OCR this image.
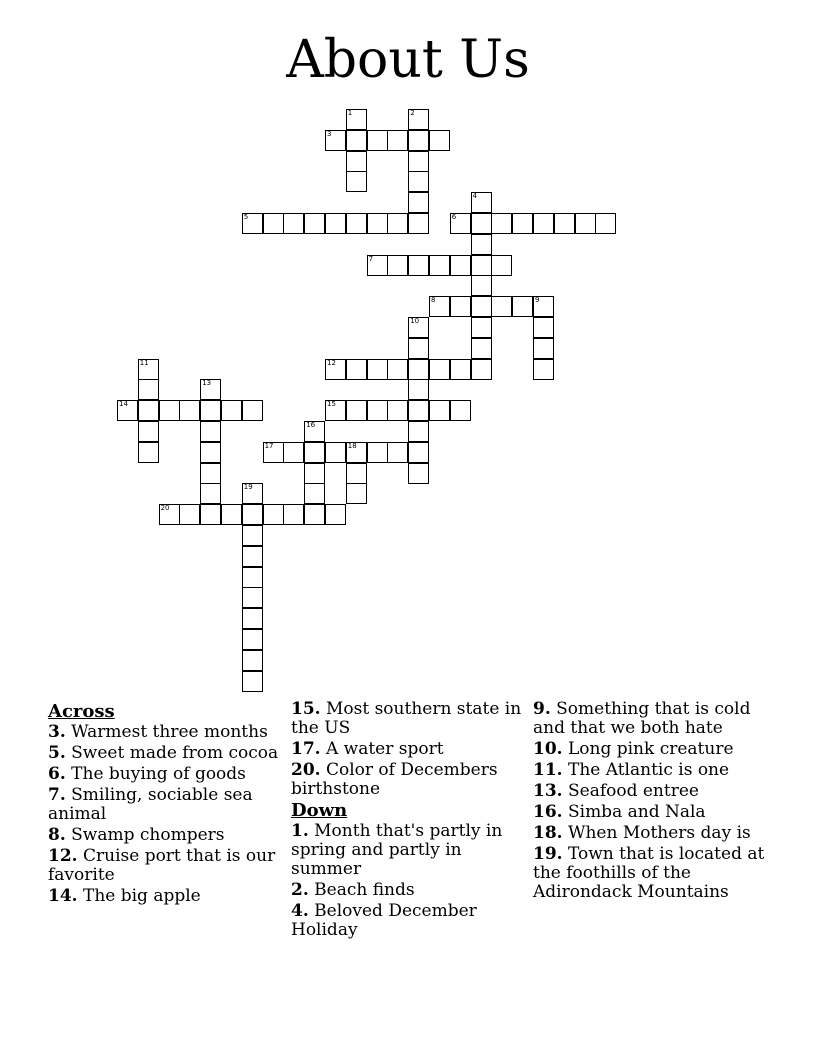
About Us
1	2
3
4
5	6
7
8	9
10
11	12
13
14	15
16
17	18
19
20
Across
3. Warmest three months
5. Sweet made from cocoa
6. The buying of goods
7. Smiling, sociable sea animal
8. Swamp chompers
12. Cruise port that is our favorite
14. The big apple
15. Most southern state in the US
17. A water sport
20. Color of Decembers birthstone
Down
1. Month that's partly in spring and partly in summer
2. Beach finds
4. Beloved December Holiday
9. Something that is cold and that we both hate
10. Long pink creature
11. The Atlantic is one
13. Seafood entree
16. Simba and Nala
18. When Mothers day is
19. Town that is located at the foothills of the Adirondack Mountains
